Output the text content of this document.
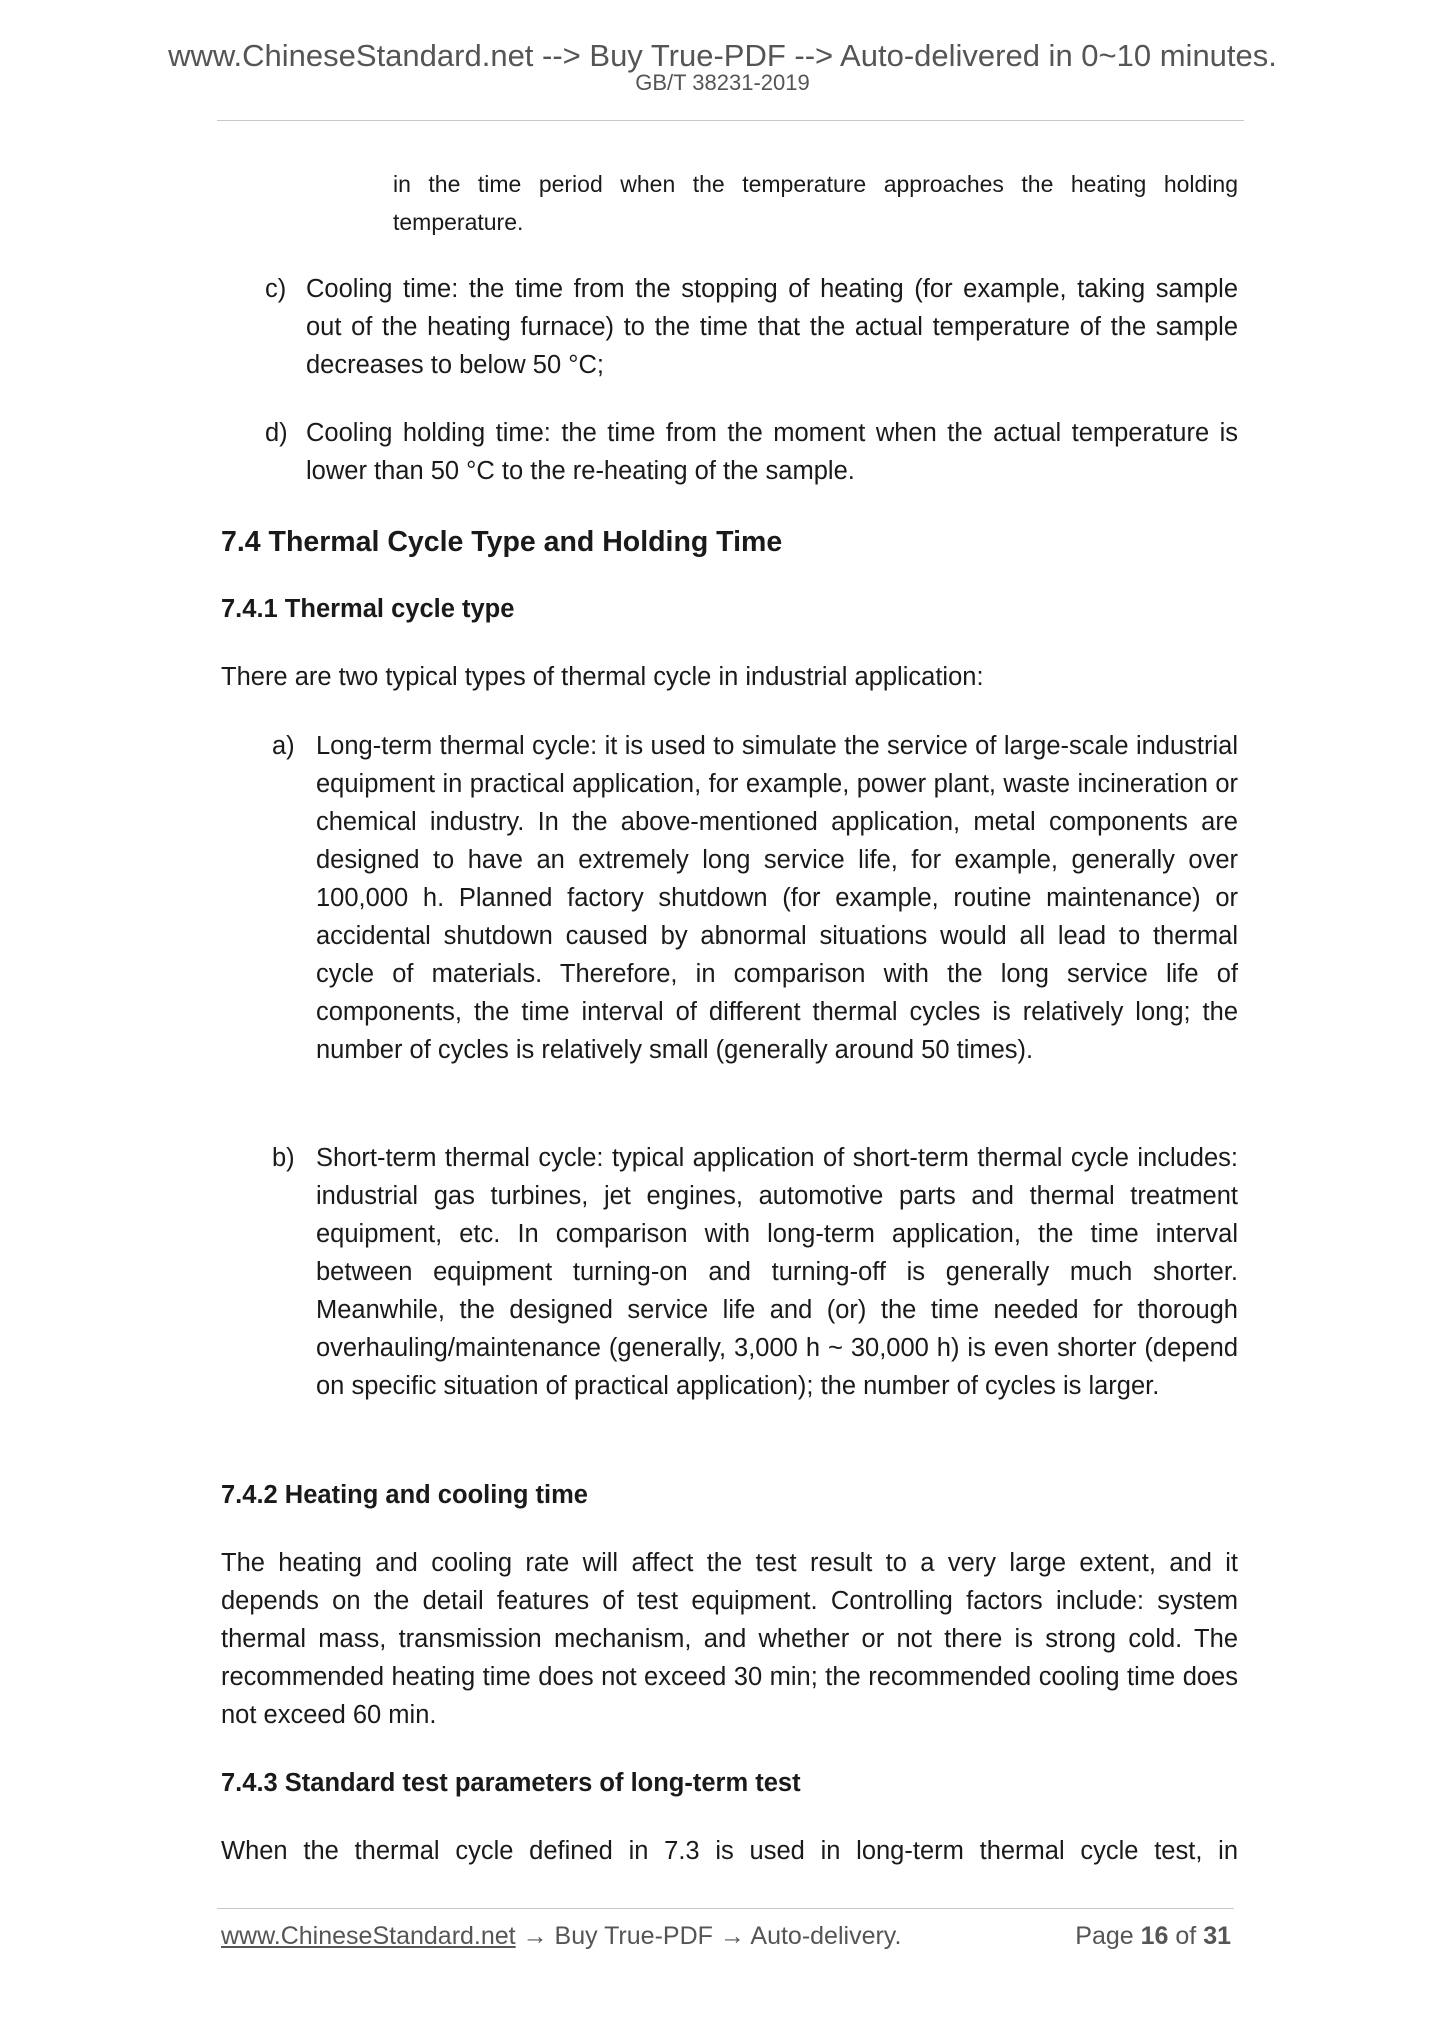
www.ChineseStandard.net --> Buy True-PDF --> Auto-delivered in 0~10 minutes.
GB/T 38231-2019

in the time period when the temperature approaches the heating holding temperature.

c) Cooling time: the time from the stopping of heating (for example, taking sample out of the heating furnace) to the time that the actual temperature of the sample decreases to below 50 °C;
d) Cooling holding time: the time from the moment when the actual temperature is lower than 50 °C to the re-heating of the sample.
7.4 Thermal Cycle Type and Holding Time
7.4.1 Thermal cycle type

There are two typical types of thermal cycle in industrial application:

a) Long-term thermal cycle: it is used to simulate the service of large-scale industrial equipment in practical application, for example, power plant, waste incineration or chemical industry. In the above-mentioned application, metal components are designed to have an extremely long service life, for example, generally over 100,000 h. Planned factory shutdown (for example, routine maintenance) or accidental shutdown caused by abnormal situations would all lead to thermal cycle of materials. Therefore, in comparison with the long service life of components, the time interval of different thermal cycles is relatively long; the number of cycles is relatively small (generally around 50 times).
b) Short-term thermal cycle: typical application of short-term thermal cycle includes: industrial gas turbines, jet engines, automotive parts and thermal treatment equipment, etc. In comparison with long-term application, the time interval between equipment turning-on and turning-off is generally much shorter. Meanwhile, the designed service life and (or) the time needed for thorough overhauling/maintenance (generally, 3,000 h ~ 30,000 h) is even shorter (depend on specific situation of practical application); the number of cycles is larger.
7.4.2 Heating and cooling time

The heating and cooling rate will affect the test result to a very large extent, and it depends on the detail features of test equipment. Controlling factors include: system thermal mass, transmission mechanism, and whether or not there is strong cold. The recommended heating time does not exceed 30 min; the recommended cooling time does not exceed 60 min.

7.4.3 Standard test parameters of long-term test

When the thermal cycle defined in 7.3 is used in long-term thermal cycle test, in

www.ChineseStandard.net → Buy True-PDF → Auto-delivery.	Page 16 of 31
